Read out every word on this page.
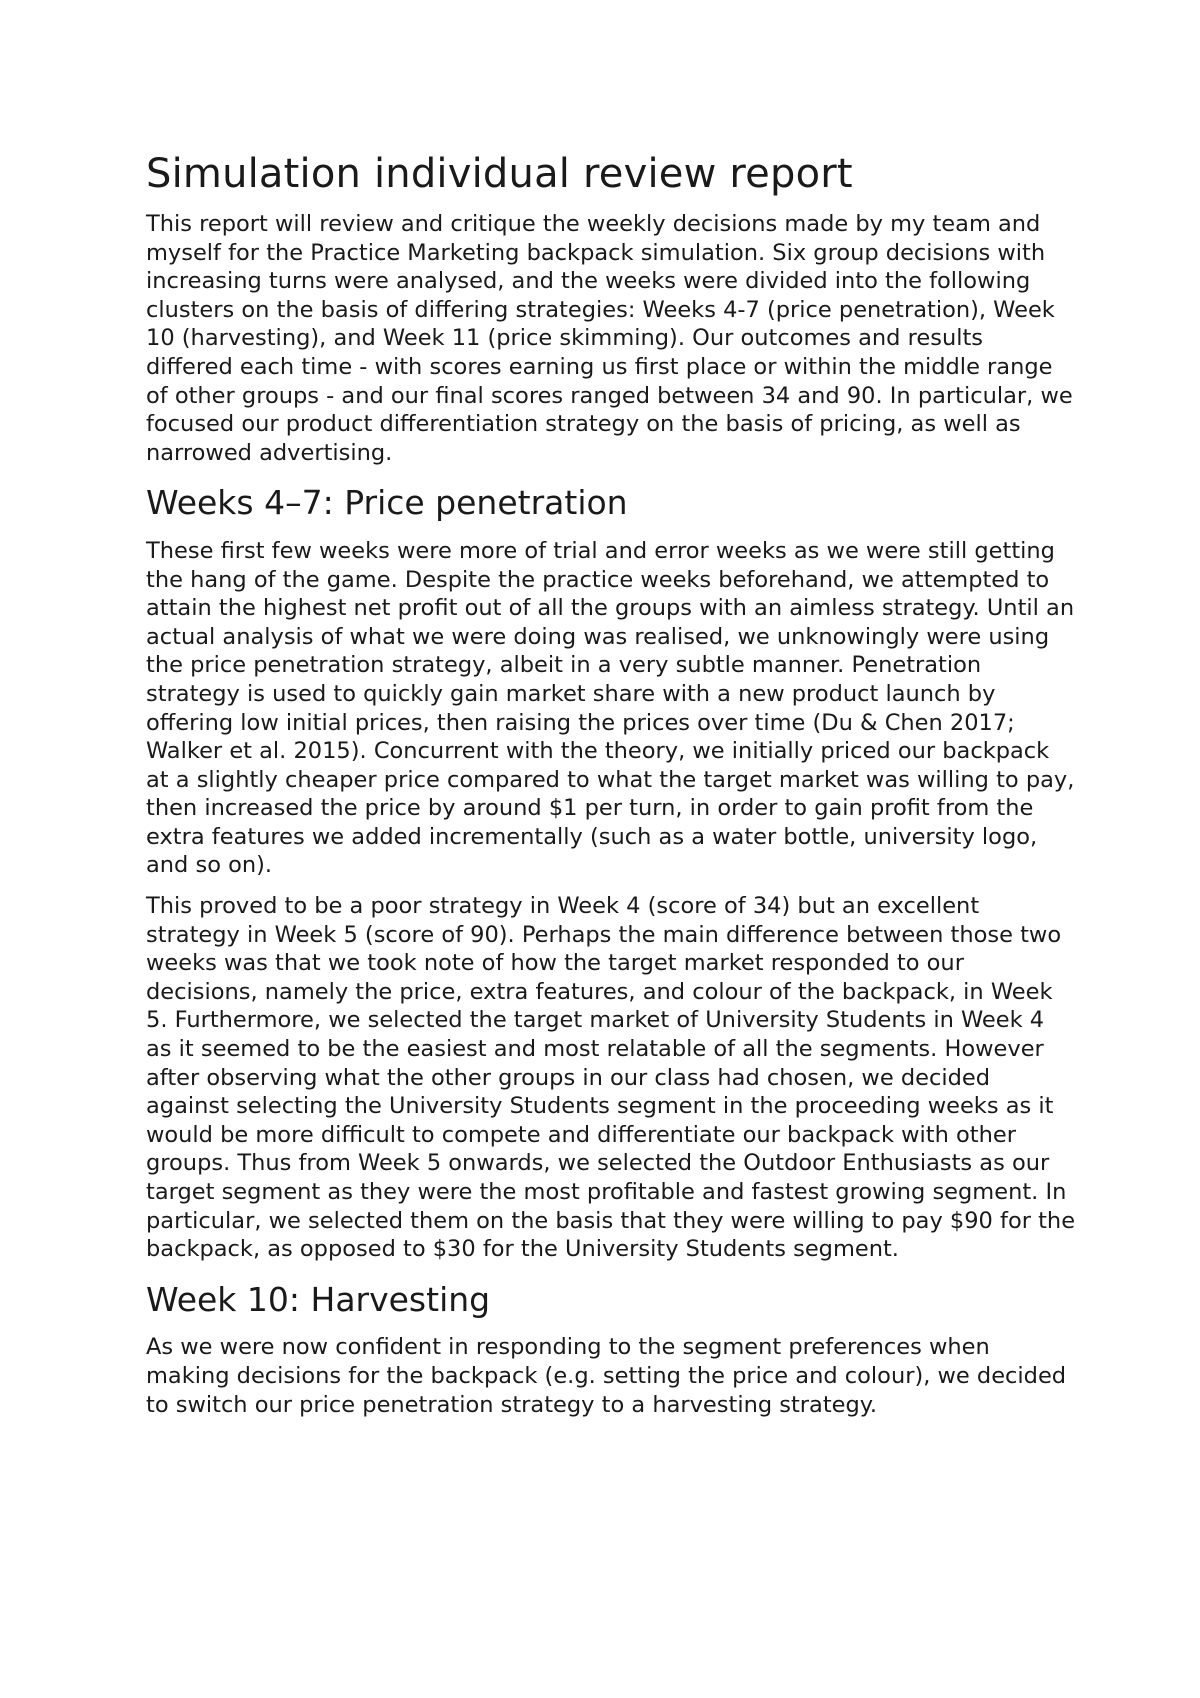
Simulation individual review report

This report will review and critique the weekly decisions made by my team and myself for the Practice Marketing backpack simulation. Six group decisions with increasing turns were analysed, and the weeks were divided into the following clusters on the basis of differing strategies: Weeks 4-7 (price penetration), Week 10 (harvesting), and Week 11 (price skimming). Our outcomes and results differed each time - with scores earning us first place or within the middle range of other groups - and our final scores ranged between 34 and 90. In particular, we focused our product differentiation strategy on the basis of pricing, as well as narrowed advertising.

Weeks 4–7: Price penetration

These first few weeks were more of trial and error weeks as we were still getting the hang of the game. Despite the practice weeks beforehand, we attempted to attain the highest net profit out of all the groups with an aimless strategy. Until an actual analysis of what we were doing was realised, we unknowingly were using the price penetration strategy, albeit in a very subtle manner. Penetration strategy is used to quickly gain market share with a new product launch by offering low initial prices, then raising the prices over time (Du & Chen 2017; Walker et al. 2015). Concurrent with the theory, we initially priced our backpack at a slightly cheaper price compared to what the target market was willing to pay, then increased the price by around $1 per turn, in order to gain profit from the extra features we added incrementally (such as a water bottle, university logo, and so on).

This proved to be a poor strategy in Week 4 (score of 34) but an excellent strategy in Week 5 (score of 90). Perhaps the main difference between those two weeks was that we took note of how the target market responded to our decisions, namely the price, extra features, and colour of the backpack, in Week 5. Furthermore, we selected the target market of University Students in Week 4 as it seemed to be the easiest and most relatable of all the segments. However after observing what the other groups in our class had chosen, we decided against selecting the University Students segment in the proceeding weeks as it would be more difficult to compete and differentiate our backpack with other groups. Thus from Week 5 onwards, we selected the Outdoor Enthusiasts as our target segment as they were the most profitable and fastest growing segment. In particular, we selected them on the basis that they were willing to pay $90 for the backpack, as opposed to $30 for the University Students segment.

Week 10: Harvesting

As we were now confident in responding to the segment preferences when making decisions for the backpack (e.g. setting the price and colour), we decided to switch our price penetration strategy to a harvesting strategy.
